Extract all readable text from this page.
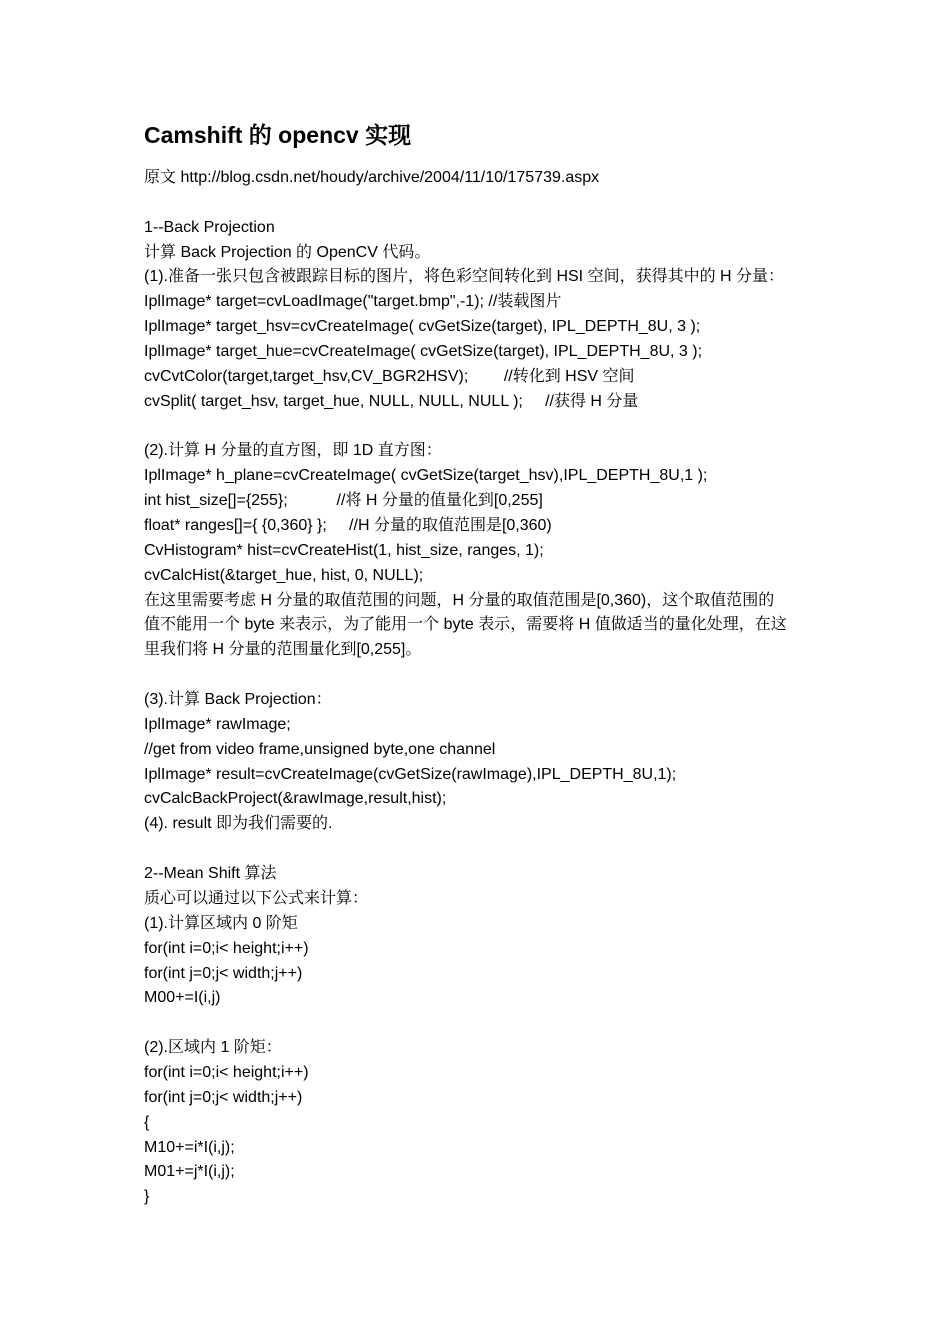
Camshift 的 opencv 实现
原文 http://blog.csdn.net/houdy/archive/2004/11/10/175739.aspx
1--Back Projection
计算 Back Projection 的 OpenCV 代码。
(1).准备一张只包含被跟踪目标的图片，将色彩空间转化到 HSI 空间，获得其中的 H 分量：
IplImage* target=cvLoadImage("target.bmp",-1); //装载图片
IplImage* target_hsv=cvCreateImage( cvGetSize(target), IPL_DEPTH_8U, 3 );
IplImage* target_hue=cvCreateImage( cvGetSize(target), IPL_DEPTH_8U, 3 );
cvCvtColor(target,target_hsv,CV_BGR2HSV);        //转化到 HSV 空间
cvSplit( target_hsv, target_hue, NULL, NULL, NULL );     //获得 H 分量
(2).计算 H 分量的直方图，即 1D 直方图：
IplImage* h_plane=cvCreateImage( cvGetSize(target_hsv),IPL_DEPTH_8U,1 );
int hist_size[]={255};           //将 H 分量的值量化到[0,255]
float* ranges[]={ {0,360} };     //H 分量的取值范围是[0,360)
CvHistogram* hist=cvCreateHist(1, hist_size, ranges, 1);
cvCalcHist(&target_hue, hist, 0, NULL);
在这里需要考虑 H 分量的取值范围的问题，H 分量的取值范围是[0,360)，这个取值范围的
值不能用一个 byte 来表示，为了能用一个 byte 表示，需要将 H 值做适当的量化处理，在这
里我们将 H 分量的范围量化到[0,255]。
(3).计算 Back Projection：
IplImage* rawImage;
//get from video frame,unsigned byte,one channel
IplImage* result=cvCreateImage(cvGetSize(rawImage),IPL_DEPTH_8U,1);
cvCalcBackProject(&rawImage,result,hist);
(4). result 即为我们需要的.
2--Mean Shift 算法
质心可以通过以下公式来计算：
(1).计算区域内 0 阶矩
for(int i=0;i< height;i++)
for(int j=0;j< width;j++)
M00+=I(i,j)
(2).区域内 1 阶矩：
for(int i=0;i< height;i++)
for(int j=0;j< width;j++)
{
M10+=i*I(i,j);
M01+=j*I(i,j);
}
